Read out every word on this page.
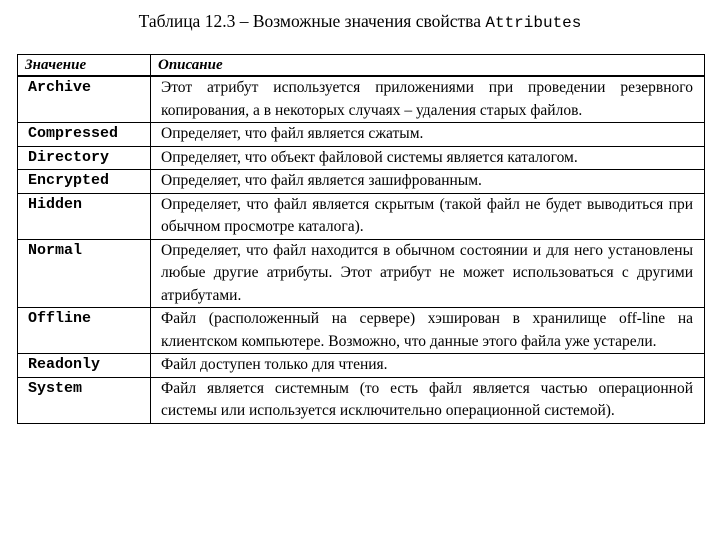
Таблица 12.3 – Возможные значения свойства Attributes
Значение	Описание

Archive	Этот атрибут используется приложениями при проведении резервного копирования, а в некоторых случаях – удаления старых файлов.

Compressed	Определяет, что файл является сжатым.

Directory	Определяет, что объект файловой системы является каталогом.

Encrypted	Определяет, что файл является зашифрованным.

Hidden	Определяет, что файл является скрытым (такой файл не будет выводиться при обычном просмотре каталога).

Normal	Определяет, что файл находится в обычном состоянии и для него установлены любые другие атрибуты. Этот атрибут не может использоваться с другими атрибутами.

Offline	Файл (расположенный на сервере) хэширован в хранилище off-line на клиентском компьютере. Возможно, что данные этого файла уже устарели.

Readonly	Файл доступен только для чтения.

System	Файл является системным (то есть файл является частью операционной системы или используется исключительно операционной системой).
